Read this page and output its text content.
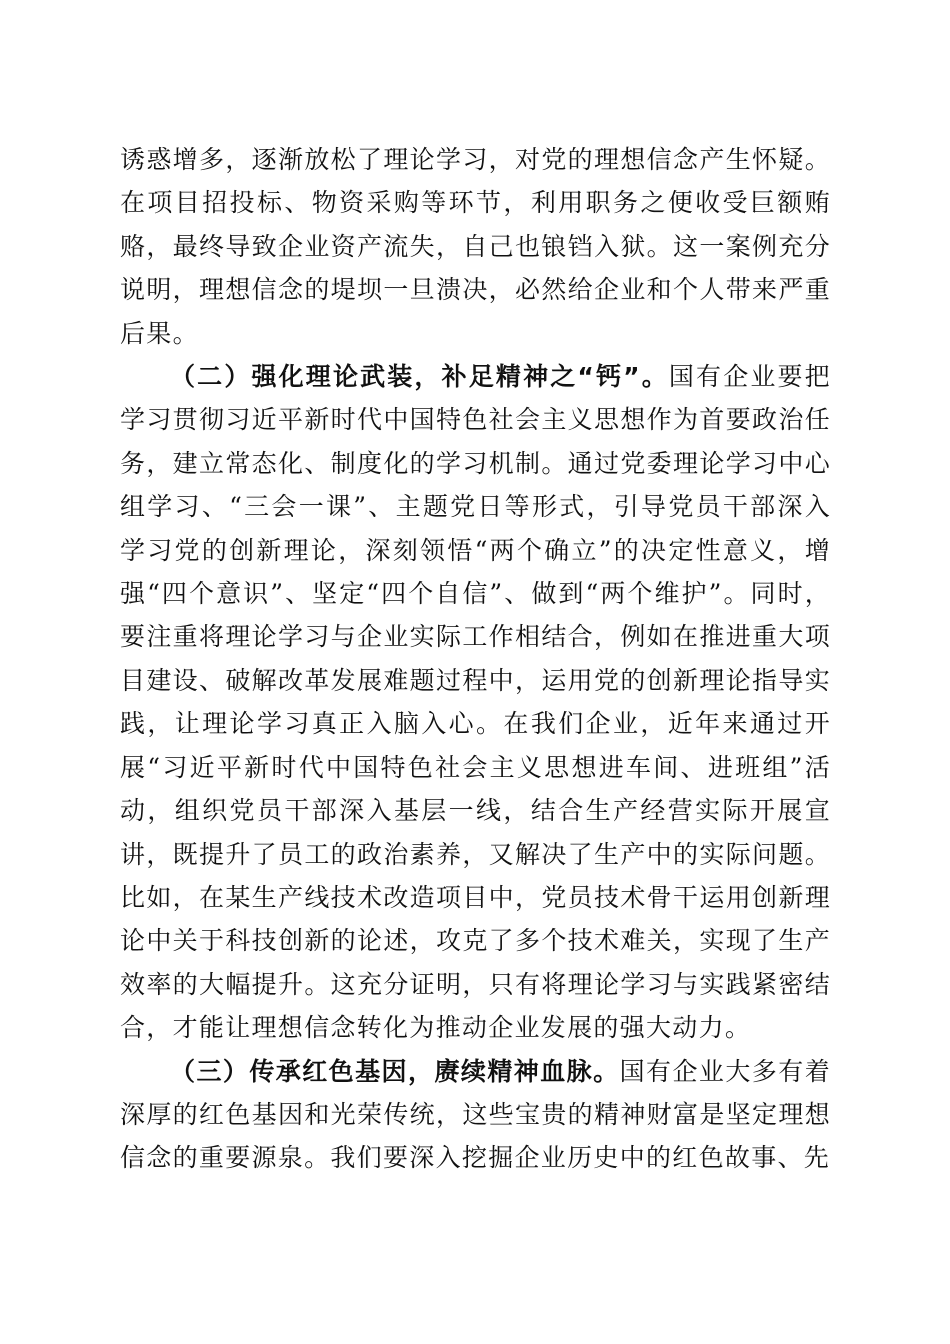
诱惑增多，逐渐放松了理论学习，对党的理想信念产生怀疑。在项目招投标、物资采购等环节，利用职务之便收受巨额贿赂，最终导致企业资产流失，自己也锒铛入狱。这一案例充分说明，理想信念的堤坝一旦溃决，必然给企业和个人带来严重后果。

（二）强化理论武装，补足精神之“钙”。国有企业要把学习贯彻习近平新时代中国特色社会主义思想作为首要政治任务，建立常态化、制度化的学习机制。通过党委理论学习中心组学习、“三会一课”、主题党日等形式，引导党员干部深入学习党的创新理论，深刻领悟“两个确立”的决定性意义，增强“四个意识”、坚定“四个自信”、做到“两个维护”。同时，要注重将理论学习与企业实际工作相结合，例如在推进重大项目建设、破解改革发展难题过程中，运用党的创新理论指导实践，让理论学习真正入脑入心。在我们企业，近年来通过开展“习近平新时代中国特色社会主义思想进车间、进班组”活动，组织党员干部深入基层一线，结合生产经营实际开展宣讲，既提升了员工的政治素养，又解决了生产中的实际问题。比如，在某生产线技术改造项目中，党员技术骨干运用创新理论中关于科技创新的论述，攻克了多个技术难关，实现了生产效率的大幅提升。这充分证明，只有将理论学习与实践紧密结合，才能让理想信念转化为推动企业发展的强大动力。

（三）传承红色基因，赓续精神血脉。国有企业大多有着深厚的红色基因和光荣传统，这些宝贵的精神财富是坚定理想信念的重要源泉。我们要深入挖掘企业历史中的红色故事、先
